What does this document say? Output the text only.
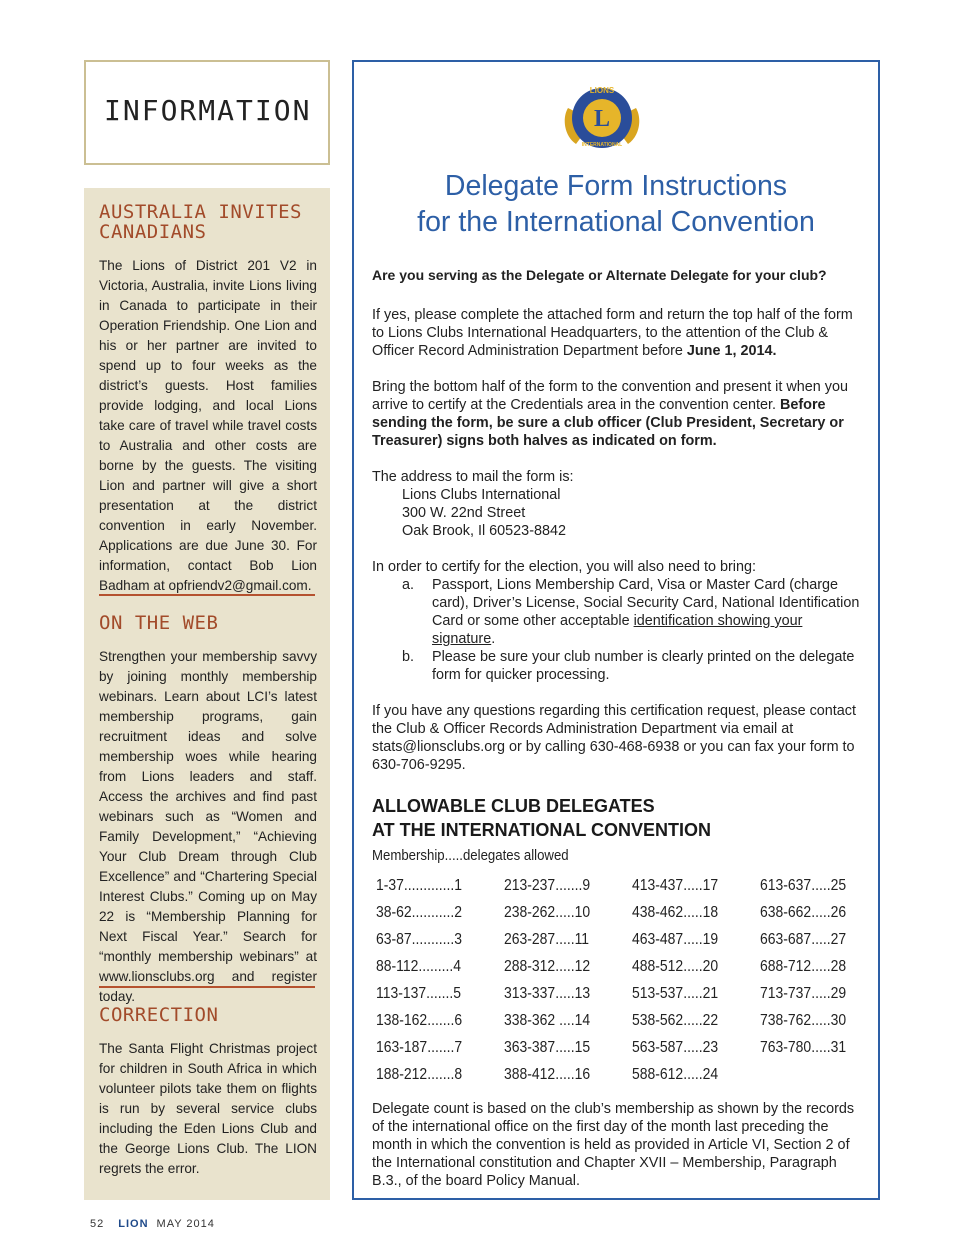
INFORMATION
AUSTRALIA INVITES CANADIANS
The Lions of District 201 V2 in Victoria, Australia, invite Lions living in Canada to participate in their Operation Friendship. One Lion and his or her partner are invited to spend up to four weeks as the district’s guests. Host families provide lodging, and local Lions take care of travel while travel costs to Australia and other costs are borne by the guests. The visiting Lion and partner will give a short presentation at the district convention in early November. Applications are due June 30. For information, contact Bob Lion Badham at opfriendv2@gmail.com.
ON THE WEB
Strengthen your membership savvy by joining monthly membership webinars. Learn about LCI’s latest membership programs, gain recruitment ideas and solve membership woes while hearing from Lions leaders and staff. Access the archives and find past webinars such as “Women and Family Development,” “Achieving Your Club Dream through Club Excellence” and “Chartering Special Interest Clubs.” Coming up on May 22 is “Membership Planning for Next Fiscal Year.” Search for “monthly membership webinars” at www.lionsclubs.org and register today.
CORRECTION
The Santa Flight Christmas project for children in South Africa in which volunteer pilots take them on flights is run by several service clubs including the Eden Lions Club and the George Lions Club. The LION regrets the error.
52 LION MAY 2014
LIONS
L
INTERNATIONAL
Delegate Form Instructions
for the International Convention
Are you serving as the Delegate or Alternate Delegate for your club?
If yes, please complete the attached form and return the top half of the form to Lions Clubs International Headquarters, to the attention of the Club & Officer Record Administration Department before June 1, 2014.
Bring the bottom half of the form to the convention and present it when you arrive to certify at the Credentials area in the convention center. Before sending the form, be sure a club officer (Club President, Secretary or Treasurer) signs both halves as indicated on form.
The address to mail the form is:
Lions Clubs International
300 W. 22nd Street
Oak Brook, Il 60523-8842
In order to certify for the election, you will also need to bring:
a. Passport, Lions Membership Card, Visa or Master Card (charge card), Driver’s License, Social Security Card, National Identification Card or some other acceptable identification showing your signature.
b. Please be sure your club number is clearly printed on the delegate form for quicker processing.
If you have any questions regarding this certification request, please contact the Club & Officer Records Administration Department via email at stats@lionsclubs.org or by calling 630-468-6938 or you can fax your form to 630-706-9295.
ALLOWABLE CLUB DELEGATES
AT THE INTERNATIONAL CONVENTION
Membership.....delegates allowed
1-37.............1
38-62...........2
63-87...........3
88-112.........4
113-137.......5
138-162.......6
163-187.......7
188-212.......8
213-237.......9
238-262.....10
263-287.....11
288-312.....12
313-337.....13
338-362 ....14
363-387.....15
388-412.....16
413-437.....17
438-462.....18
463-487.....19
488-512.....20
513-537.....21
538-562.....22
563-587.....23
588-612.....24
613-637.....25
638-662.....26
663-687.....27
688-712.....28
713-737.....29
738-762.....30
763-780.....31
Delegate count is based on the club’s membership as shown by the records of the international office on the first day of the month last preceding the month in which the convention is held as provided in Article VI, Section 2 of the International constitution and Chapter XVII – Membership, Paragraph B.3., of the board Policy Manual.
